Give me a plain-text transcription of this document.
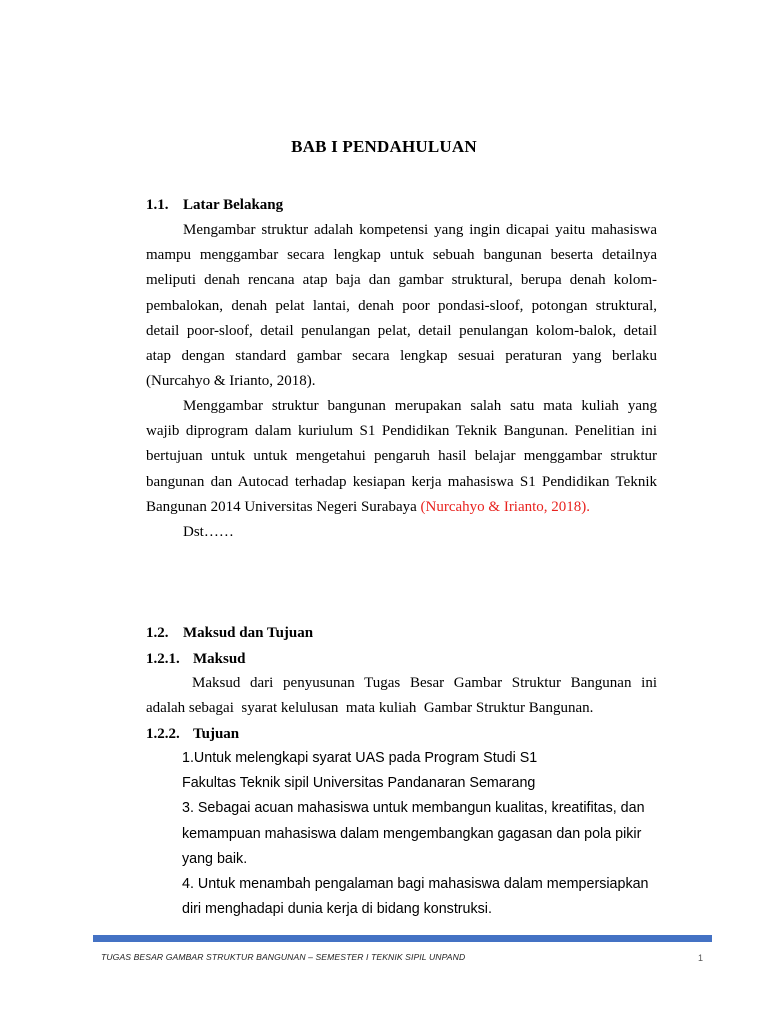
BAB I PENDAHULUAN
1.1. Latar Belakang
Mengambar struktur adalah kompetensi yang ingin dicapai yaitu mahasiswa
mampu menggambar secara lengkap untuk sebuah bangunan beserta detailnya
meliputi denah rencana atap baja dan gambar struktural, berupa denah kolom-
pembalokan, denah pelat lantai, denah poor pondasi-sloof, potongan struktural,
detail poor-sloof, detail penulangan pelat, detail penulangan kolom-balok, detail
atap dengan standard gambar secara lengkap sesuai peraturan yang berlaku
(Nurcahyo & Irianto, 2018).
Menggambar struktur bangunan merupakan salah satu mata kuliah yang
wajib diprogram dalam kuriulum S1 Pendidikan Teknik Bangunan. Penelitian ini
bertujuan untuk untuk mengetahui pengaruh hasil belajar menggambar struktur
bangunan dan Autocad terhadap kesiapan kerja mahasiswa S1 Pendidikan Teknik
Bangunan 2014 Universitas Negeri Surabaya (Nurcahyo & Irianto, 2018).
Dst……
1.2. Maksud dan Tujuan
1.2.1. Maksud
Maksud dari penyusunan Tugas Besar Gambar Struktur Bangunan ini
adalah sebagai  syarat kelulusan  mata kuliah  Gambar Struktur Bangunan.
1.2.2. Tujuan
1.Untuk melengkapi syarat UAS pada Program Studi S1
Fakultas Teknik sipil Universitas Pandanaran Semarang
3. Sebagai acuan mahasiswa untuk membangun kualitas, kreatifitas, dan
kemampuan mahasiswa dalam mengembangkan gagasan dan pola pikir
yang baik.
4. Untuk menambah pengalaman bagi mahasiswa dalam mempersiapkan
diri menghadapi dunia kerja di bidang konstruksi.
TUGAS BESAR GAMBAR STRUKTUR BANGUNAN – SEMESTER I TEKNIK SIPIL UNPAND	1
